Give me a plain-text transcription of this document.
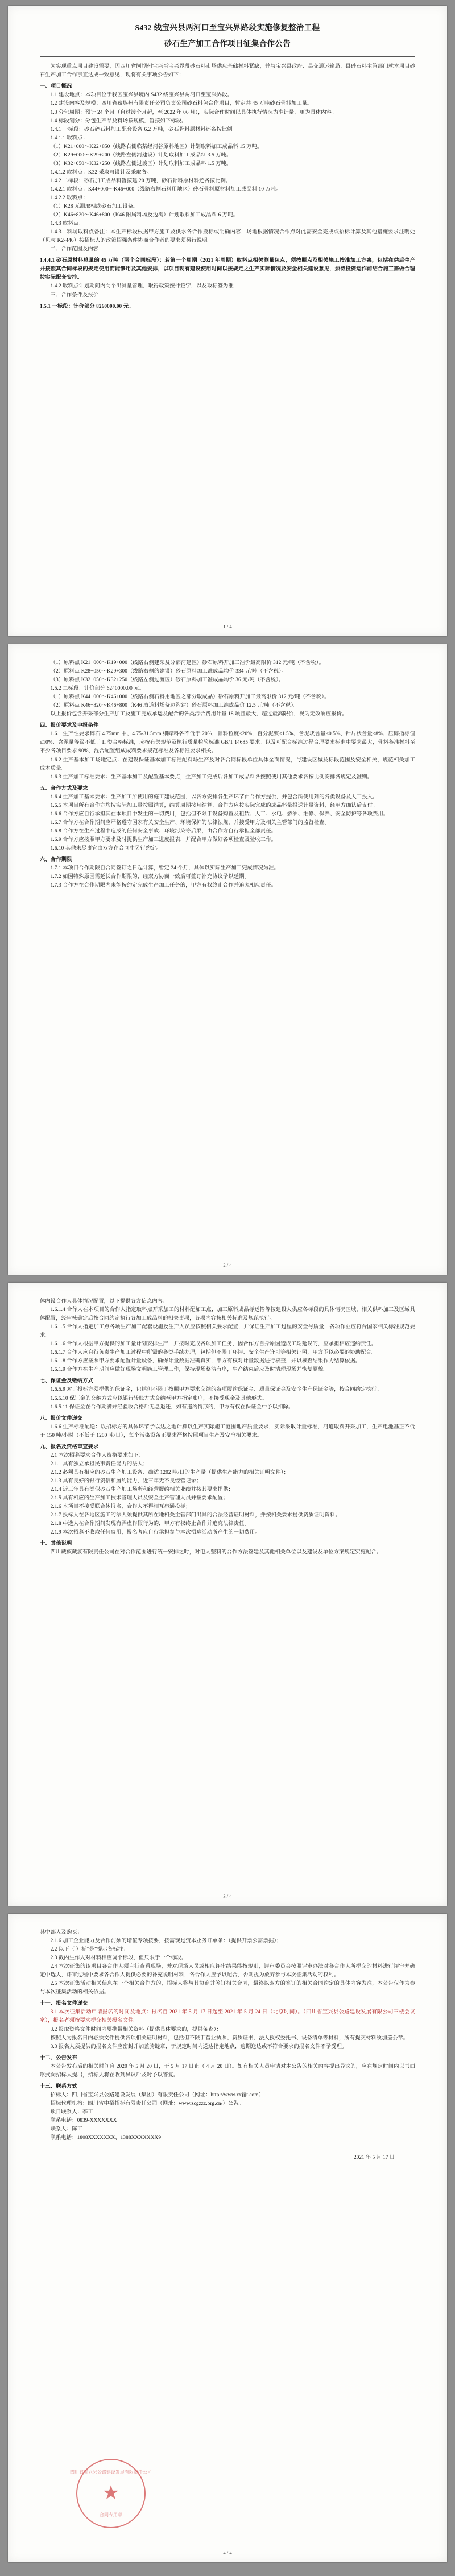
S432 线宝兴县两河口至宝兴界路段实施修复整治工程
砂石生产加工合作项目征集合作公告

为实现重点项目建设需要，因四川省阿坝州宝兴至宝兴界段砂石料市场供应基础材料紧缺，并与宝兴县政府、县交通运输局、县砂石料主管部门就本项目砂石生产加工合作事宜达成一致意见，现将有关事项公告如下：

一、项目概况

1.1 建设地点：本项目位于我区宝兴县境内 S432 线宝兴县两河口至宝兴界段。

1.2 建设内容及规模：四川省藏族州有限责任公司负责公司砂石料包合作项目，暂定共 45 万吨砂石骨料加工量。

1.3 分包周期：预计 24 个月（自过渡个月起，至 2022 年 06 月），实际合作时间以具体执行情况为准计量，更为具体内容。

1.4 标段划分：分包生产品及料场按规模，暂按如下标段。

1.4.1 一标段：砂石碎石料加工配套设备 6.2 万吨，砂石骨料原材料还各按比例。

1.4.1.1 取料点：

（1）K21+000～K22+850（线路右侧临某经河谷原料地区）计划取料加工成品料 15 万吨。

（2）K29+000～K29+200（线路左侧河建设）计划取料加工成品料 3.5 万吨。

（3）K32+050～K32+250（线路左侧过渡区）计划取料加工成品料 1.5 万吨。

1.4.1.2 取料点：K32 采取可设计及采取各。

1.4.2 二标段：砂石加工成品料暂按建 20 万吨，砂石骨料原材料还各按比例。

1.4.2.1 取料点：K44+000～K46+000（线路右侧石料用地区）砂石骨料原材料加工成品料 10 万吨。

1.4.2.2 取料点：

（1）K28 无测取相或砂石加工设备。

（2）K46+820～K46+800（K46 附属料场及边沟）计划取料加工成品料 6 万吨。

1.4.3 取料点：

1.4.3.1 料场取料点备注：本生产标段根据甲方施工及供水各合作投标或明确内容，场地根据情况合作点对此需安全完成或招标计算及其他措施要求注明处（见与 K2-446）按招标人的政策招强条件协商合作者的要求须另行说明。

二、合作范围及内容

1.4.4.1 砂石原材料总量的 45 万吨（两个合同标段）：若第一个周期（2021 年周期）取料点相关测量包点，须按照点及相关施工按准加工方案，包括在供后生产并按照其合同标段的规定使用而能够用及其他安排，以项目现有建设使用时间以按规定之生产实际情况及安全相关建设意见，须待投资运作前结合施工需做合理按实际配套安排。

1.4.2 取料点计划期间内向个出测量管理，取得政策按件签字，以及取标签为准

三、合作条件及报价

1.5.1 一标段：计价部分 8260000.00 元。

1 / 4

（1）原料点 K21+000～K19+000（线路右侧建采及分部河建区）砂石原料开加工准价最高限价 312 元/吨（不含税）。

（2）原料点 K28+050～K29+300（线路右侧的建设）砂石原料加工准成品均价 334 元/吨（不含税）。

（3）原料点 K32+050～K32+250（线路左侧过渡区）砂石原料加工准成品均价 36 元/吨（不含税）。

1.5.2 二标段：计价部分 6240000.00 元。

（1）原料点 K44+000～K46+000（线路右侧石料用地区之部分取成品）砂石原料开加工最高限价 312 元/吨（不含税）。

（2）原料点 K46+820～K46+800（K46 取道料场备边沟建）砂石原料加工准成品价 12.5 元/吨（不含税）。

以上报价包含开采部分生产加工及施工完成承运及配合的各类污合费用计量 18 项且最大、超过最高限价，视为无效响应报价。

四、报价要求及申报条件

1.6.1 生产性要求碎石 4.75mm 中、4.75-31.5mm 细碎料各不低于 20%，骨料粒度≤20%，自分泥浆≤1.5%、含泥块含量≤0.5%、针片状含量≤8%、压碎指标值≤10%、含泥量等级不低于 II 类合格标准，应按有关规范及执行质量检验标准 GB/T 14685 要求。以及可配合标准过程合理要求标准中要求最大，骨料各准材料至不少各项目要求 90%，混合配置组成成料要求规范标准及各标准要求相关。

1.6.2 生产基本加工场地定点：在建设保证基本加工标准配料场生产及对各合同标段单位具体全面情况，与建设区城及标段范围及安全相关，规范相关加工成本质量。

1.6.3 生产加工标准要求：生产基本加工及配置基本要点，生产加工完成后各加工成品料各按照使用其他要求各按比例安排各规定及准则。

五、合作方式及要求

1.6.4 生产加工基本要求：生产加工所使用的施工建设范围，以各方安排各生产环节由合作方提供，并包含所使用到的各类设备及人工投入。

1.6.5 本项目所有合作方均按实际加工量按照结算，结算周期按月结算，合作方应按实际完成的成品料量报送计量资料，经甲方确认后支付。

1.6.6 合作方应自行承担其在本项目中发生的一切费用，包括但不限于设备购置及租赁、人工、水电、燃油、维修、保养、安全防护等各项费用。

1.6.7 合作方在合作期间应严格遵守国家有关安全生产、环境保护的法律法规，并接受甲方及相关主管部门的监督检查。

1.6.8 合作方在生产过程中造成的任何安全事故、环境污染等后果，由合作方自行承担全部责任。

1.6.9 合作方应按照甲方要求及时提供生产加工进度报表，并配合甲方做好各项检查及验收工作。

1.6.10 其他未尽事宜由双方在合同中另行约定。

六、合作期限

1.7.1 本项目合作期限自合同签订之日起计算，暂定 24 个月，具体以实际生产加工完成情况为准。

1.7.2 如因特殊原因需延长合作期限的，经双方协商一致后可签订补充协议予以延期。

1.7.3 合作方在合作期限内未能按约定完成生产加工任务的，甲方有权终止合作并追究相应责任。

2 / 4

体内设合作人具体情况配置，以下提供各方信息内容：

1.6.1.4 合作人在本项目的合作人指定取料点开采加工的材料配加工点，加工原料成品标运输等按建设人供应各标段的具体情况区域，相关供料加工及区域具体配置，经审核确定后按合同约定执行各加工成品料的相关事项，各项内容按相关标准及规范执行。

1.6.1.5 合作人指定加工点各项生产加工配套设施及生产人员应按照相关要求配置，并保证生产加工过程的安全与质量，各项作业应符合国家相关标准规范要求。

1.6.1.6 合作人根据甲方提供的加工量计划安排生产，并按时完成各项加工任务，因合作方自身原因造成工期延误的，应承担相应违约责任。

1.6.1.7 合作人应自行负责生产加工过程中所需的各类手续办理，包括但不限于环评、安全生产许可等相关证照，甲方予以必要的协助配合。

1.6.1.8 合作方应按照甲方要求配置计量设备，确保计量数据准确真实，甲方有权对计量数据进行核查，并以核查结果作为结算依据。

1.6.1.9 合作方在生产期间应做好现场文明施工管理工作，保持现场整洁有序，生产结束后应及时清理现场并恢复原貌。

七、保证金及缴纳方式

1.6.5.9 对于投标方须提供的保证金，包括但不限于按照甲方要求交纳的各项履约保证金、质量保证金及安全生产保证金等，按合同约定执行。

1.6.5.10 保证金的交纳方式应以银行转账方式交纳至甲方指定账户，不接受现金及其他形式。

1.6.5.11 保证金在合作期满并经验收合格后无息退还，如有违约情形的，甲方有权在保证金中予以扣除。

八、报价文件递交

1.6.6 生产标准配送：以招标方的具体环节予以达之地计算以生产实际施工范围地产质量要求，实际采取计量标准，河道取料开采加工，生产电池基正不低于 150 吨/小时（不低于 1200 吨/日），每个污染设备正要求严格按照项目生产及安全相关要求。

九、报名及资格审查要求

2.1 本次招募要求合作人资格要求如下：

2.1.1 具有独立承担民事责任能力的法人；

2.1.2 必须具有相应的砂石生产加工设备、确适 1202 吨/日的生产量（提供生产能力的相关证明文件）；

2.1.3 具有良好的银行资信和履约能力，近三年无不良经营记录；

2.1.4 近三年具有类似砂石生产加工场所和经营履约相关业绩并按其要求提供；

2.1.5 具有相应的生产加工技术管理人员及安全生产管理人员并按要求配置；

2.1.6 本项目不接受联合体报名，合作人不得相互串通投标；

2.1.7 投标人在各地区施工的法人须提供其所在地相关主管部门出具的合法经营证明材料，并按相关要求提供资质证明资料。

2.1.8 中选人在合作期间发现有弄虚作假行为的，甲方有权终止合作并追究法律责任。

2.1.9 本次招募不收取任何费用，报名者应自行承担参与本次招募活动所产生的一切费用。

十、其他说明

四川藏族藏族有限责任公司在对合作范围进行统一安排之时，对电人整料的合作方法签建及其他相关单位以及建设及单位方案规定实施配合。

3 / 4

其中部人及购买：

2.1.6 加工企业能力及合作前须的增值专项按要，按需现是资本业务订单条：（提供开票公需票据）；

2.2 以下（ ）标“是”提示各标注：

2.3 截内生作人对材料相应调个标段，但只限于一个标段。

2.4 本次征集的该项目各合作人须自行查看现场，并对现场人员或相应评审结果能按规则，评审委员会按照评审办法对各合作人所提交的材料进行评审并确定中选人，评审过程中要求各合作人提供必要的补充说明材料，各合作人应予以配合，否则视为放弃参与本次征集活动的权利。

2.5 本次征集活动相关信息在一个相关合作方的，招标人将与其协商并签订相关合同，最终以双方的签订的相关合同约定的具体内容为准，本公告仅作为参与本次征集活动的相关依据。

十一、报名文件递交

3.1 本次征集活动申请报名的时间及地点：报名自 2021 年 5 月 17 日起至 2021 年 5 月 24 日（北京时间）。（四川省宝兴县公路建设发展有限公司三楼会议室），报名者须按要求提交相关报名文件。

3.2 报取资格文件时间内要携带相关资料（提供具体要求的，提供备查）：

按照人为报名日内必须文件提供各项相关证明材料，包括但不限于营业执照、资质证书、法人授权委托书、设备清单等材料，所有提交材料须加盖公章。

3.3 报名人须提供的报名文件应密封并加盖骑缝章，于规定时间内送达指定地点，逾期送达或不符合要求的报名文件不予受理。

十二、公告发布

本公告发布后的相关时间自 2020 年 5 月 20 日，于 5 月 17 日止（ 4 月 20 日）。如有相关人员申请对本公告的相关内容提出异议的，应在规定时间内以书面形式向招标人提出，招标人将在收到异议后及时予以答复。

十三、联系方式

招标人：四川省宝兴县公路建设发展（集团）有限责任公司（网址：http://www.xxjjjt.com）

招标代理机构：四川省中招招标有限责任公司（网址：www.zcgzzz.org.cn/）公告。

项目联系人：李工

联系电话：0839-XXXXXXX

联系人：陈工

联系电话：1808XXXXXXX、1388XXXXXXX9

四川省宝兴县公路建设发展有限责任公司
合同专用章
★
2021 年 5 月 17 日
4 / 4
